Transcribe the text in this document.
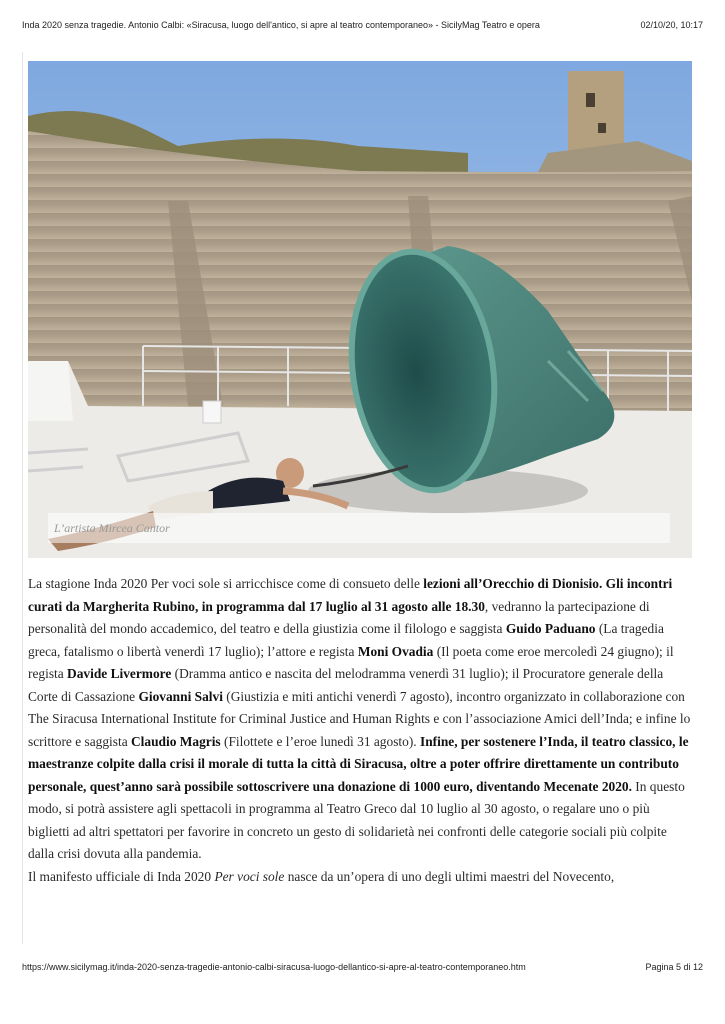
Inda 2020 senza tragedie. Antonio Calbi: «Siracusa, luogo dell'antico, si apre al teatro contemporaneo» - SicilyMag Teatro e opera	02/10/20, 10:17
L’artista Mircea Cantor

La stagione Inda 2020 Per voci sole si arricchisce come di consueto delle lezioni all’Orecchio di Dionisio. Gli incontri curati da Margherita Rubino, in programma dal 17 luglio al 31 agosto alle 18.30, vedranno la partecipazione di personalità del mondo accademico, del teatro e della giustizia come il filologo e saggista Guido Paduano (La tragedia greca, fatalismo o libertà venerdì 17 luglio); l’attore e regista Moni Ovadia (Il poeta come eroe mercoledì 24 giugno); il regista Davide Livermore (Dramma antico e nascita del melodramma venerdì 31 luglio); il Procuratore generale della Corte di Cassazione Giovanni Salvi (Giustizia e miti antichi venerdì 7 agosto), incontro organizzato in collaborazione con The Siracusa International Institute for Criminal Justice and Human Rights e con l’associazione Amici dell’Inda; e infine lo scrittore e saggista Claudio Magris (Filottete e l’eroe lunedì 31 agosto). Infine, per sostenere l’Inda, il teatro classico, le maestranze colpite dalla crisi il morale di tutta la città di Siracusa, oltre a poter offrire direttamente un contributo personale, quest’anno sarà possibile sottoscrivere una donazione di 1000 euro, diventando Mecenate 2020. In questo modo, si potrà assistere agli spettacoli in programma al Teatro Greco dal 10 luglio al 30 agosto, o regalare uno o più biglietti ad altri spettatori per favorire in concreto un gesto di solidarietà nei confronti delle categorie sociali più colpite dalla crisi dovuta alla pandemia.

Il manifesto ufficiale di Inda 2020 Per voci sole nasce da un’opera di uno degli ultimi maestri del Novecento,

https://www.sicilymag.it/inda-2020-senza-tragedie-antonio-calbi-siracusa-luogo-dellantico-si-apre-al-teatro-contemporaneo.htm	Pagina 5 di 12
